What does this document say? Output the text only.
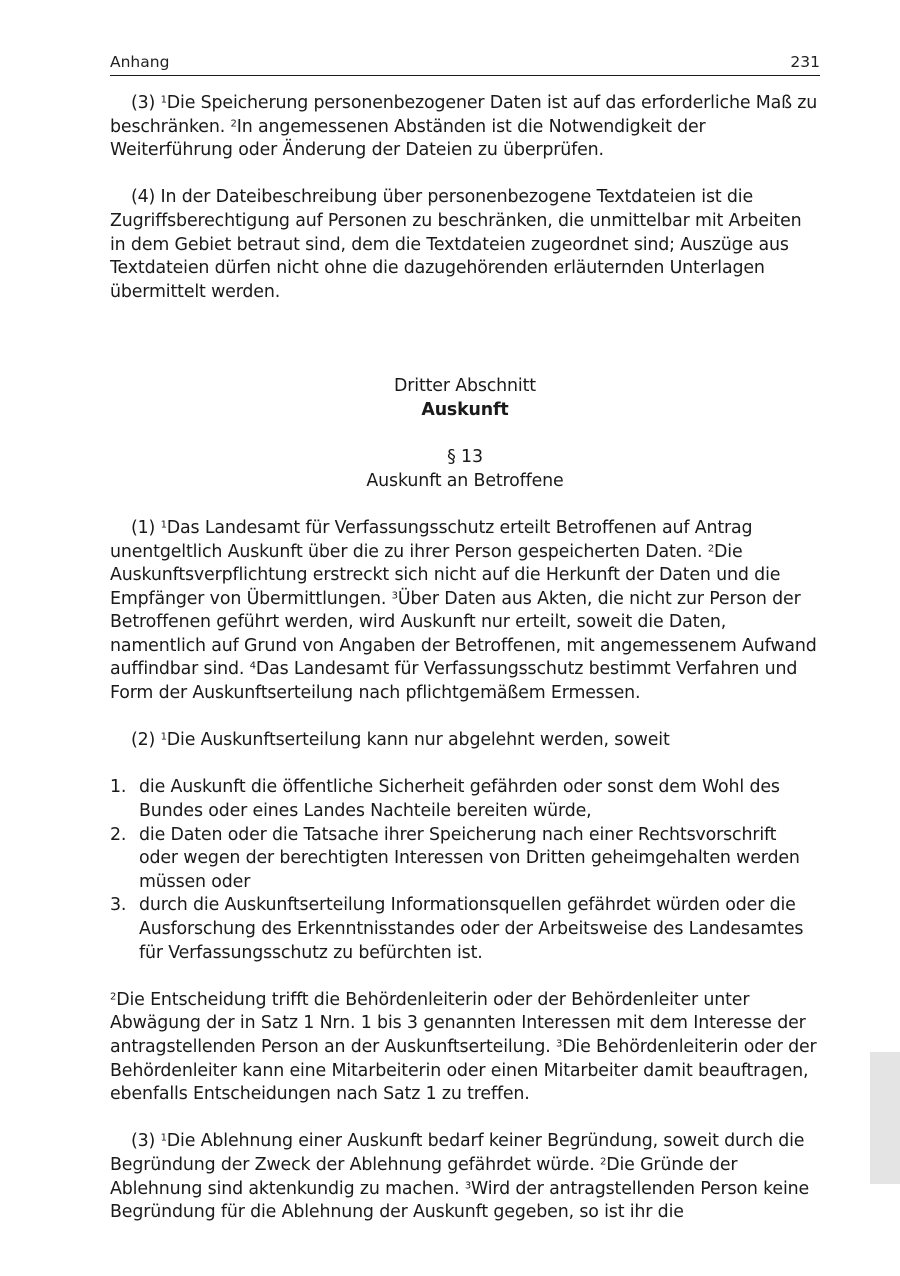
Anhang	231

(3) $^1$Die Speicherung personenbezogener Daten ist auf das erforderliche Maß zu beschränken. $^2$In angemessenen Abständen ist die Notwendigkeit der Weiterführung oder Änderung der Dateien zu überprüfen.

(4) In der Dateibeschreibung über personenbezogene Textdateien ist die Zugriffsberechtigung auf Personen zu beschränken, die unmittelbar mit Arbeiten in dem Gebiet betraut sind, dem die Textdateien zugeordnet sind; Auszüge aus Textdateien dürfen nicht ohne die dazugehörenden erläuternden Unterlagen übermittelt werden.

Dritter Abschnitt

Auskunft

§ 13

Auskunft an Betroffene

(1) $^1$Das Landesamt für Verfassungsschutz erteilt Betroffenen auf Antrag unentgeltlich Auskunft über die zu ihrer Person gespeicherten Daten. $^2$Die Auskunftsverpflichtung erstreckt sich nicht auf die Herkunft der Daten und die Empfänger von Übermittlungen. $^3$Über Daten aus Akten, die nicht zur Person der Betroffenen geführt werden, wird Auskunft nur erteilt, soweit die Daten, namentlich auf Grund von Angaben der Betroffenen, mit angemessenem Aufwand auffindbar sind. $^4$Das Landesamt für Verfassungsschutz bestimmt Verfahren und Form der Auskunftserteilung nach pflichtgemäßem Ermessen.

(2) $^1$Die Auskunftserteilung kann nur abgelehnt werden, soweit

1. die Auskunft die öffentliche Sicherheit gefährden oder sonst dem Wohl des Bundes oder eines Landes Nachteile bereiten würde,
2. die Daten oder die Tatsache ihrer Speicherung nach einer Rechtsvorschrift oder wegen der berechtigten Interessen von Dritten geheimgehalten werden müssen oder
3. durch die Auskunftserteilung Informationsquellen gefährdet würden oder die Ausforschung des Erkenntnisstandes oder der Arbeitsweise des Landesamtes für Verfassungsschutz zu befürchten ist.

$^2$Die Entscheidung trifft die Behördenleiterin oder der Behördenleiter unter Abwägung der in Satz 1 Nrn. 1 bis 3 genannten Interessen mit dem Interesse der antragstellenden Person an der Auskunftserteilung. $^3$Die Behördenleiterin oder der Behördenleiter kann eine Mitarbeiterin oder einen Mitarbeiter damit beauftragen, ebenfalls Entscheidungen nach Satz 1 zu treffen.

(3) $^1$Die Ablehnung einer Auskunft bedarf keiner Begründung, soweit durch die Begründung der Zweck der Ablehnung gefährdet würde. $^2$Die Gründe der Ablehnung sind aktenkundig zu machen. $^3$Wird der antragstellenden Person keine Begründung für die Ablehnung der Auskunft gegeben, so ist ihr die
